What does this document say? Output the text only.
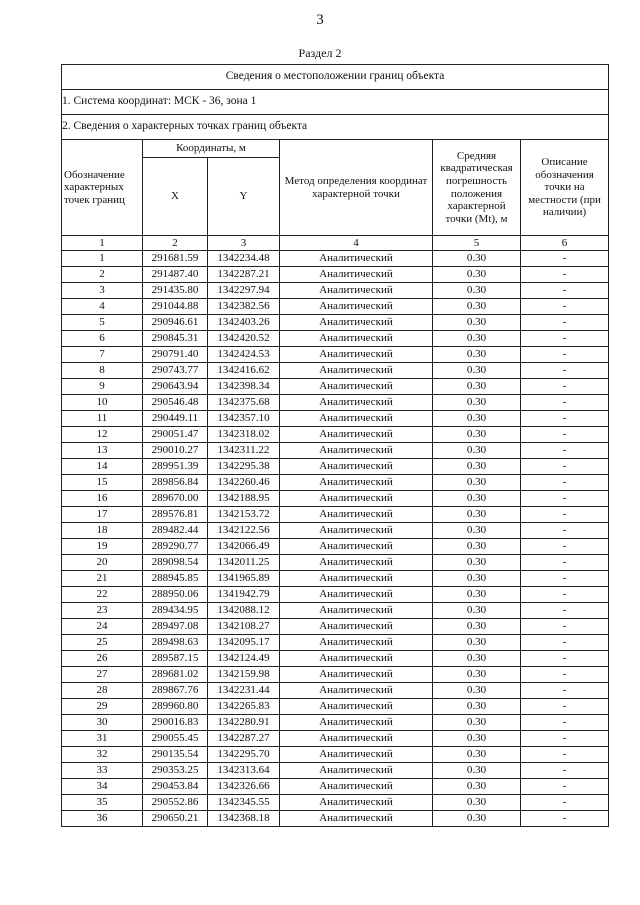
3
Раздел 2
Сведения о местоположении границ объекта					
1. Система координат: МСК - 36, зона 1					
2. Сведения о характерных точках границ объекта					
Обозначение характерных точек границ	Координаты, м		Метод определения координат характерной точки	Средняя квадратическая погрешность положения характерной точки (Mt), м	Описание обозначения точки на местности (при наличии)
	X	Y			
1	2	3	4	5	6
1	291681.59	1342234.48	Аналитический	0.30	-
2	291487.40	1342287.21	Аналитический	0.30	-
3	291435.80	1342297.94	Аналитический	0.30	-
4	291044.88	1342382.56	Аналитический	0.30	-
5	290946.61	1342403.26	Аналитический	0.30	-
6	290845.31	1342420.52	Аналитический	0.30	-
7	290791.40	1342424.53	Аналитический	0.30	-
8	290743.77	1342416.62	Аналитический	0.30	-
9	290643.94	1342398.34	Аналитический	0.30	-
10	290546.48	1342375.68	Аналитический	0.30	-
11	290449.11	1342357.10	Аналитический	0.30	-
12	290051.47	1342318.02	Аналитический	0.30	-
13	290010.27	1342311.22	Аналитический	0.30	-
14	289951.39	1342295.38	Аналитический	0.30	-
15	289856.84	1342260.46	Аналитический	0.30	-
16	289670.00	1342188.95	Аналитический	0.30	-
17	289576.81	1342153.72	Аналитический	0.30	-
18	289482.44	1342122.56	Аналитический	0.30	-
19	289290.77	1342066.49	Аналитический	0.30	-
20	289098.54	1342011.25	Аналитический	0.30	-
21	288945.85	1341965.89	Аналитический	0.30	-
22	288950.06	1341942.79	Аналитический	0.30	-
23	289434.95	1342088.12	Аналитический	0.30	-
24	289497.08	1342108.27	Аналитический	0.30	-
25	289498.63	1342095.17	Аналитический	0.30	-
26	289587.15	1342124.49	Аналитический	0.30	-
27	289681.02	1342159.98	Аналитический	0.30	-
28	289867.76	1342231.44	Аналитический	0.30	-
29	289960.80	1342265.83	Аналитический	0.30	-
30	290016.83	1342280.91	Аналитический	0.30	-
31	290055.45	1342287.27	Аналитический	0.30	-
32	290135.54	1342295.70	Аналитический	0.30	-
33	290353.25	1342313.64	Аналитический	0.30	-
34	290453.84	1342326.66	Аналитический	0.30	-
35	290552.86	1342345.55	Аналитический	0.30	-
36	290650.21	1342368.18	Аналитический	0.30	-
